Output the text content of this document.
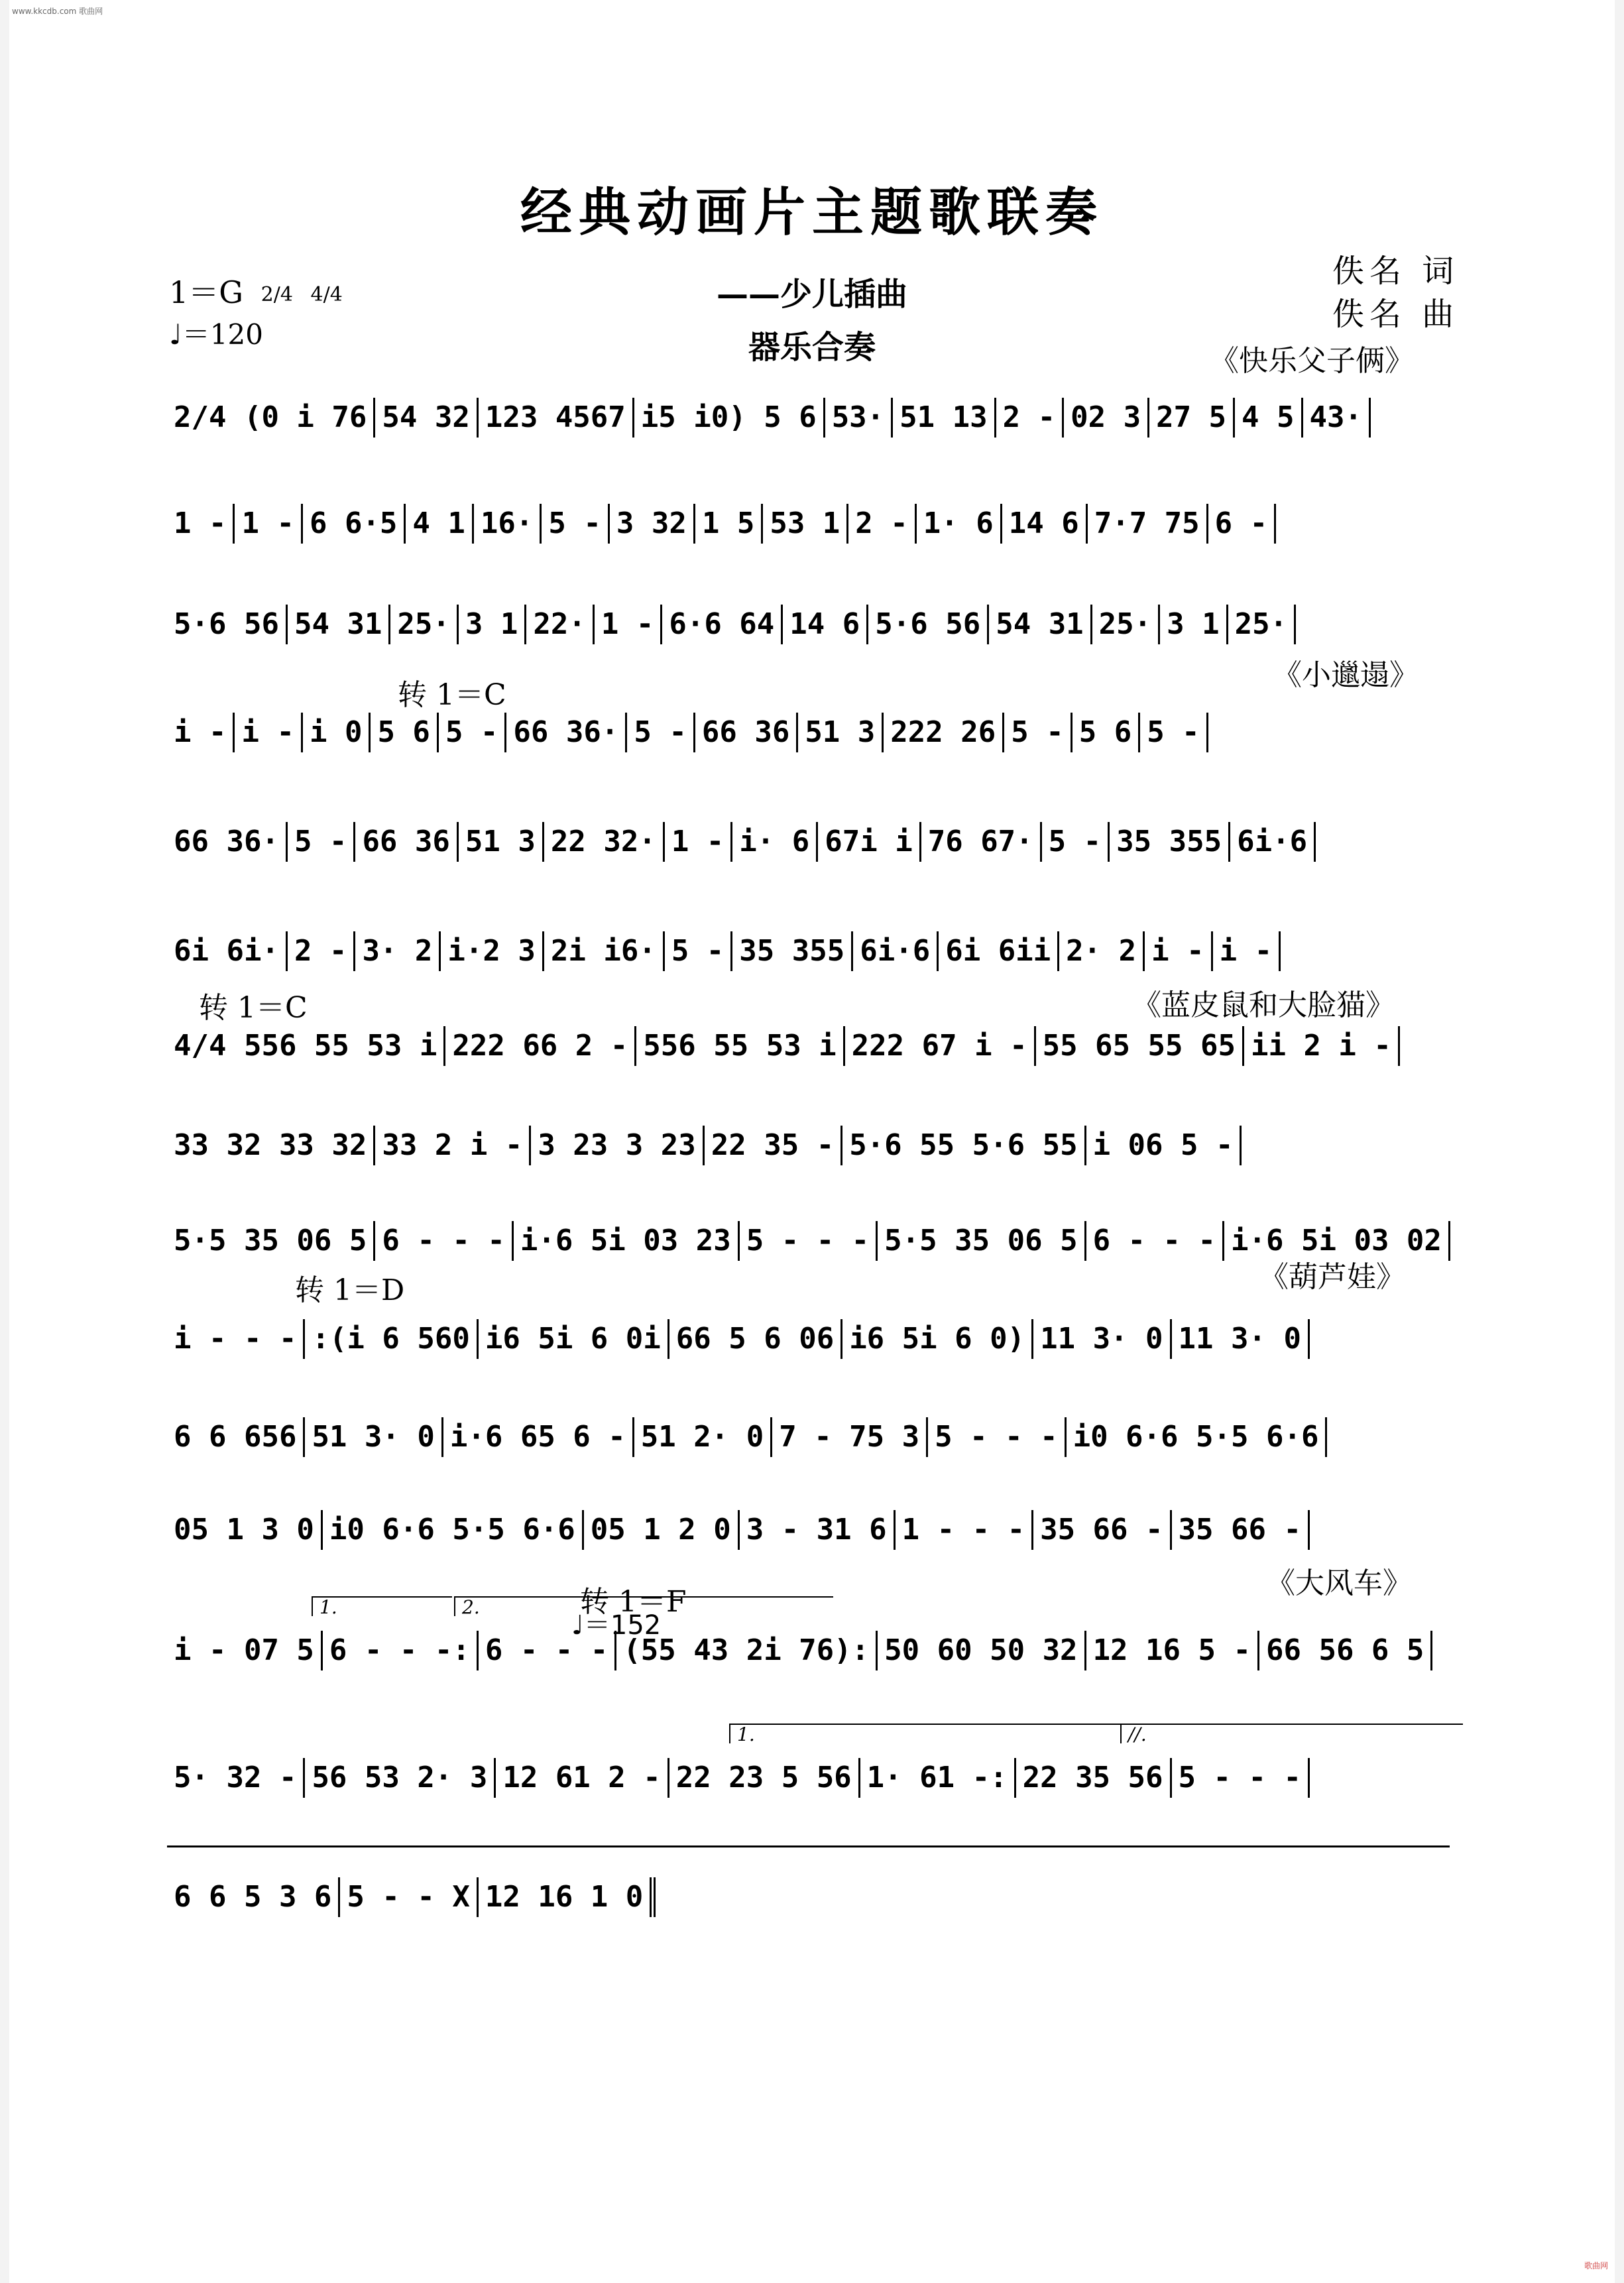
www.kkcdb.com 歌曲网
歌曲网
经典动画片主题歌联奏
1＝G 2/4 4/4
♩＝120
——少儿插曲
器乐合奏
佚名 词
佚名 曲
《快乐父子俩》
《小邋遢》
《蓝皮鼠和大脸猫》
《葫芦娃》
《大风车》
转 1＝C
转 1＝C
转 1＝D
转 1＝F
♩＝152
1.	2.
1.	//.
2/4 (0 i 76 54 32 123 4567 i5 i0) 5 6 53· 51 13 2 - 02 3 27 5 4 5 43·
1 - 1 - 6 6·5 4 1 16· 5 - 3 32 1 5 53 1 2 - 1· 6 14 6 7·7 75 6 -
5·6 56 54 31 25· 3 1 22· 1 - 6·6 64 14 6 5·6 56 54 31 25· 3 1 25·
i - i - i 0 5 6 5 - 66 36· 5 - 66 36 51 3 222 26 5 - 5 6 5 -
66 36· 5 - 66 36 51 3 22 32· 1 - i· 6 67i i 76 67· 5 - 35 355 6i·6
6i 6i· 2 - 3· 2 i·2 3 2i i6· 5 - 35 355 6i·6 6i 6ii 2· 2 i - i -
4/4 556 55 53 i 222 66 2 - 556 55 53 i 222 67 i - 55 65 55 65 ii 2 i -
33 32 33 32 33 2 i - 3 23 3 23 22 35 - 5·6 55 5·6 55 i 06 5 -
5·5 35 06 5 6 - - - i·6 5i 03 23 5 - - - 5·5 35 06 5 6 - - - i·6 5i 03 02
i - - - :(i 6 560 i6 5i 6 0i 66 5 6 06 i6 5i 6 0) 11 3· 0 11 3· 0
6 6 656 51 3· 0 i·6 65 6 - 51 2· 0 7 - 75 3 5 - - - i0 6·6 5·5 6·6
05 1 3 0 i0 6·6 5·5 6·6 05 1 2 0 3 - 31 6 1 - - - 35 66 - 35 66 -
i - 07 5 6 - - -: 6 - - - (55 43 2i 76): 50 60 50 32 12 16 5 - 66 56 6 5
5· 32 - 56 53 2· 3 12 61 2 - 22 23 5 56 1· 61 -: 22 35 56 5 - - -
6 6 5 3 6 5 - - X 12 16 1 0
